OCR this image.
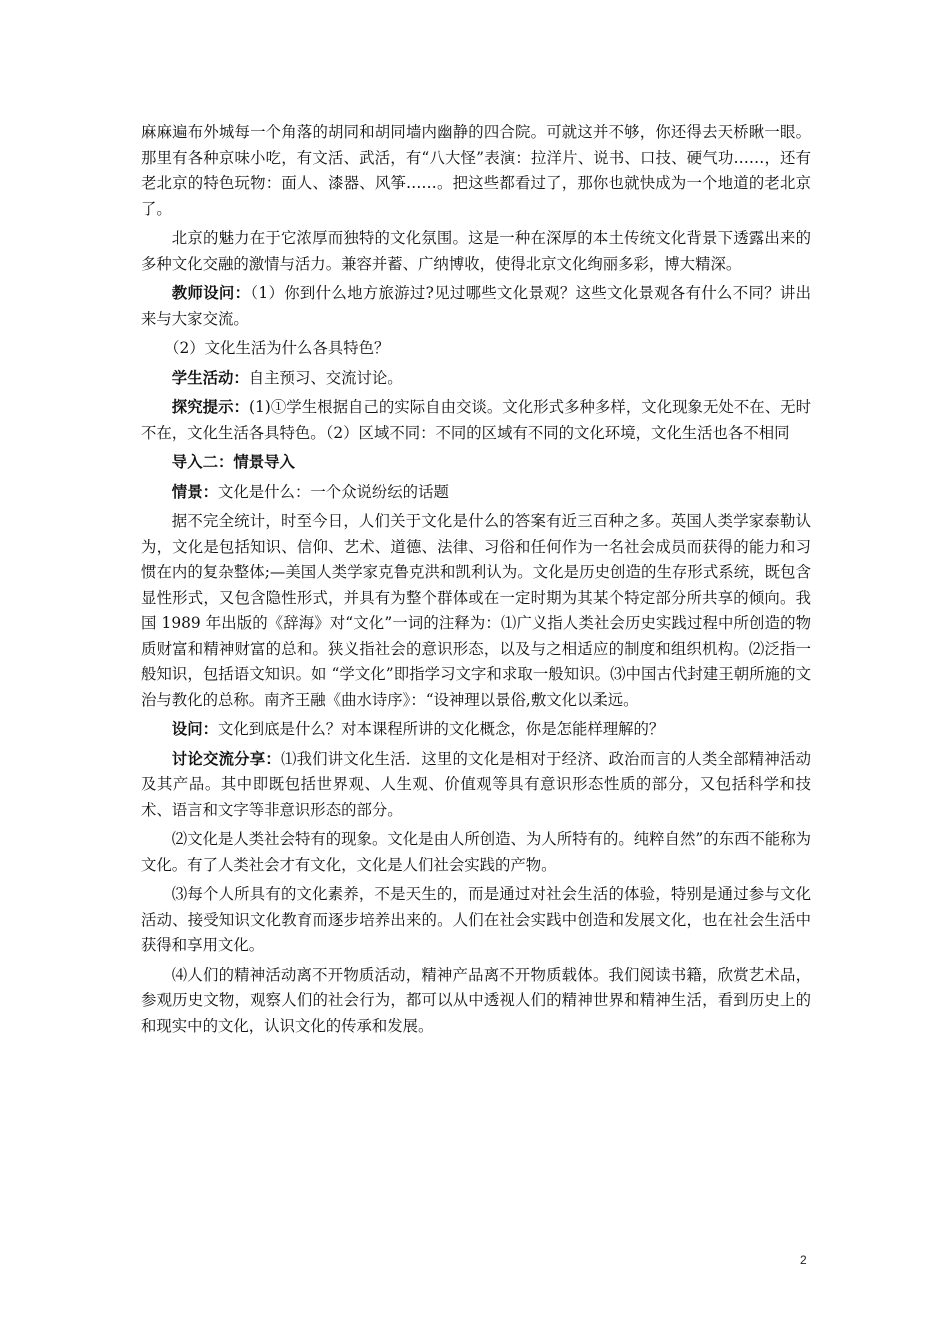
麻麻遍布外城每一个角落的胡同和胡同墙内幽静的四合院。可就这并不够，你还得去天桥瞅一眼。那里有各种京味小吃，有文活、武活，有“八大怪”表演：拉洋片、说书、口技、硬气功……，还有老北京的特色玩物：面人、漆器、风筝……。把这些都看过了，那你也就快成为一个地道的老北京了。

北京的魅力在于它浓厚而独特的文化氛围。这是一种在深厚的本土传统文化背景下透露出来的多种文化交融的激情与活力。兼容并蓄、广纳博收，使得北京文化绚丽多彩，博大精深。

教师设问：（1）你到什么地方旅游过?见过哪些文化景观？这些文化景观各有什么不同？讲出来与大家交流。

（2）文化生活为什么各具特色？

学生活动：自主预习、交流讨论。

探究提示：(1)①学生根据自己的实际自由交谈。文化形式多种多样，文化现象无处不在、无时不在，文化生活各具特色。（2）区域不同：不同的区域有不同的文化环境，文化生活也各不相同

导入二：情景导入

情景：文化是什么：一个众说纷纭的话题

据不完全统计，时至今日，人们关于文化是什么的答案有近三百种之多。英国人类学家泰勒认为，文化是包括知识、信仰、艺术、道德、法律、习俗和任何作为一名社会成员而获得的能力和习惯在内的复杂整体;—美国人类学家克鲁克洪和凯利认为。文化是历史创造的生存形式系统，既包含显性形式，又包含隐性形式，并具有为整个群体或在一定时期为其某个特定部分所共享的倾向。我国 1989 年出版的《辞海》对“文化”一词的注释为：⑴广义指人类社会历史实践过程中所创造的物质财富和精神财富的总和。狭义指社会的意识形态，以及与之相适应的制度和组织机构。⑵泛指一般知识，包括语文知识。如 “学文化”即指学习文字和求取一般知识。⑶中国古代封建王朝所施的文治与教化的总称。南齐王融《曲水诗序》：“设神理以景俗,敷文化以柔远。

设问：文化到底是什么？对本课程所讲的文化概念，你是怎能样理解的？

讨论交流分享：⑴我们讲文化生活．这里的文化是相对于经济、政治而言的人类全部精神活动及其产品。其中即既包括世界观、人生观、价值观等具有意识形态性质的部分，又包括科学和技术、语言和文字等非意识形态的部分。

⑵文化是人类社会特有的现象。文化是由人所创造、为人所特有的。纯粹自然”的东西不能称为文化。有了人类社会才有文化，文化是人们社会实践的产物。

⑶每个人所具有的文化素养，不是天生的，而是通过对社会生活的体验，特别是通过参与文化活动、接受知识文化教育而逐步培养出来的。人们在社会实践中创造和发展文化，也在社会生活中获得和享用文化。

⑷人们的精神活动离不开物质活动，精神产品离不开物质载体。我们阅读书籍，欣赏艺术品，参观历史文物，观察人们的社会行为，都可以从中透视人们的精神世界和精神生活，看到历史上的和现实中的文化，认识文化的传承和发展。

2
